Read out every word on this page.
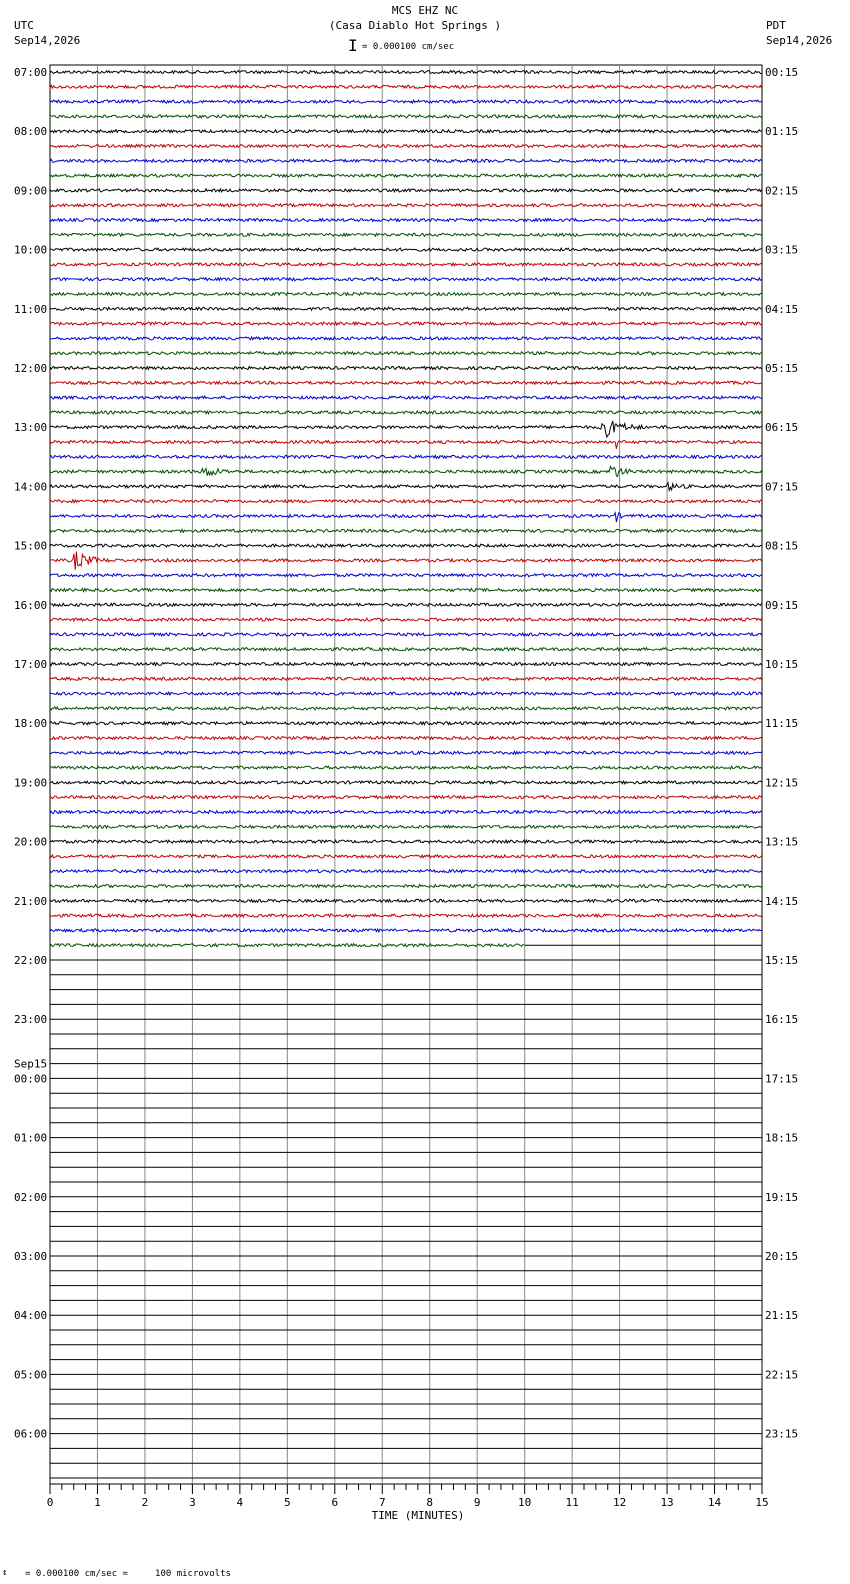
MCS EHZ NC
(Casa Diablo Hot Springs )
I = 0.000100 cm/sec
UTC
Sep14,2026
PDT
Sep14,2026
07:00
08:00
09:00
10:00
11:00
12:00
13:00
14:00
15:00
16:00
17:00
18:00
19:00
20:00
21:00
22:00
23:00
Sep15
00:00
01:00
02:00
03:00
04:00
05:00
06:00
00:15
01:15
02:15
03:15
04:15
05:15
06:15
07:15
08:15
09:15
10:15
11:15
12:15
13:15
14:15
15:15
16:15
17:15
18:15
19:15
20:15
21:15
22:15
23:15
0	1	2	3	4	5	6	7	8	9	10	11	12	13	14	15
TIME (MINUTES)
↕ = 0.000100 cm/sec =     100 microvolts
